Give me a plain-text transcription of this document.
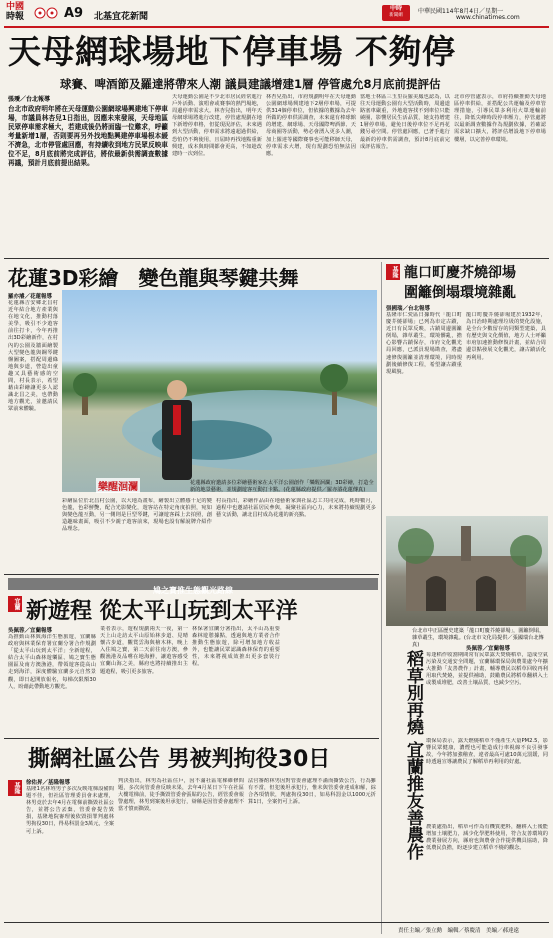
中國
時報	A9 北基宜花新聞
中時
新聞網
中華民國114年8月4日／星期一
www.chinatimes.com
天母網球場地下停車場 不夠停
球賽、啤酒節及羅達將帶來人潮 議員建議增建1層 停管處允8月底前提評估
張璦／台北報導
台北市政府明年將在天母運動公園網球場興建地下停車場，市議員林杏兒1日指出，因應未來發展，天母地區民眾停車需求極大，若建成後仍將面臨一位難求，呼籲考量新增1層，否則要再另外找地點興建停車場根本緩不濟急，北市停管處回應，有持續收到地方民眾反映車位不足，8月底前將完成評估，將依最新供需調查數據再議，預計月底前提出結果。
天母運動公園是不少北市居民經常進行戶外活動、演唱會或賽事的熱門場地，周邊停車需求大。林杏兒指出，明年天母網球場將進行改建，停管處規劃在地下新增停車格，但從現況評估，未來遇到大型活動，停車需求將遠超過供給，恐怕仍不夠使用，且屆時再找地點重新興建，成本與時間都會更高，不如趁改建時一次到位。
林杏兒指出，市府規劃明年在天母運動公園網球場興建地下2層停車場，可提供314個停車位，但依據的數據為去年所做的停車供需調查，未來還有棒球館的增建、網球場、天母國際啤酒節、天母商圈等活動，勢必會湧入更多人潮，加上羅達等國際賽事也可能移師天母，停車需求大增，現有規劃恐怕無法因應。
當地士林區三玉里長羅美鳳也認為，以往天母運動公園有大型活動時，周邊道路塞車嚴重，外地遊客找不到車位只能繞圈，影響居民生活品質，她支持增建1層停車場，避免日後停車位不足再花錢另尋空間。停管處回應，已著手進行最新的停車供需調查，預計8月底前完成評估報告。
北市停管處表示，市府持續推動天母地區停車供給，並搭配公共運輸及停車管理措施，引導民眾多利用大眾運輸前往，降低尖峰時段停車壓力，停管處將以最新調查數據作為規劃依據，若確認需求缺口擴大，將評估增設地下停車場樓層，以完善停車環境。
花蓮3D彩繪　變色龍與琴鍵共舞
羅亦濬／花蓮報導
花蓮縣吉安鄉北昌村近年結合地方產業與在地文化，推動村落美學，吸引不少遊客前往打卡，今年再推出3D彩繪新作，在村內的公園及牆面繪製大型變色龍與鋼琴鍵盤圖案，搭配周邊綠地與步道，營造出童趣又具藝術感的空間，村長表示，希望藉由彩繪讓更多人認識北昌之美，也帶動地方觀光，並邀請民眾前來體驗。
樂醒洄瀾	花蓮縣政府邀請多位彩繪藝術家在太平洋公園創作「樂醒洄瀾」3D彩繪，打造全新的地景藝術，並規劃遊客互動打卡點。(花蓮縣政府提供／羅亦濬花蓮傳真)
彩繪區位於北昌村公園，以大地為畫布，繪製出立體感十足的變色龍，色彩鮮艷，配合光影變化，遊客站在特定角度拍照，宛如與變色龍互動，另一側則是巨型琴鍵，可讓遊客踩上去拍照，創造趣味畫面，吸引不少親子遊客前來，現場也設有解說牌介紹作品理念。
村長指出，彩繪作品由在地藝術家與社區志工共同完成，耗時數月，過程中也邀請社區居民參與，凝聚社區向心力，未來將持續規劃更多藝文活動，讓北昌村成為花蓮的新亮點。
基隆 龍口町慶芥燒卻場
圍籬倒塌環境雜亂
張國瑞／台北報導
基隆市仁愛區日據時代「龍口町慶芥燒卻場」已列為市定古蹟，近日有民眾反映，古蹟周邊圍籬倒塌，雜草叢生，環境髒亂，擔心影響古蹟保存，市府文化觀光局回應，已派員現場勘查，將盡速修復圍籬並清理環境，同時規劃後續修復工程，希望讓古蹟重現風貌。
龍口町慶芥燒卻場建於1932年，為日治時期處理垃圾的焚化設施，是全台少數留存的同類型建築，具有歷史與文化價值，地方人士呼籲市府加速推動修復計畫，並結合周邊景點發展文化觀光，讓古蹟活化再利用。
台北市中正區歷史建築「龍口町慶芥燒卻場」，圍籬倒塌，雜草叢生，環境雜亂。(台北市文化局提供／張國瑞台北傳真)
鳩之寶推生態觀光路線
宜蘭 新遊程 從太平山玩到太平洋
吳佩蓉／宜蘭報導
為推動山林與海洋生態旅遊，宜蘭縣政府與林業保育署宜蘭分署合作規劃「從太平山玩到太平洋」全新遊程，結合太平山森林遊樂區、鳩之寶生態園區及南方澳漁港，帶領遊客從高山走到海洋，深度體驗宜蘭多元自然景觀，即日起開放報名，每梯次限額30人，盼藉此帶動地方觀光。
業者表示，遊程規劃兩天一夜，第一天上山走訪太平山原始林步道、見晴懷古步道，觀賞雲海與檜木林，晚上入住鳩之寶，第二天前往南方澳，參觀漁港及品嚐在地海鮮，讓遊客感受宜蘭山海之美，縣府也將持續推出主題遊程，吸引更多旅客。
林保署宜蘭分署指出，太平山為重要森林遊憩據點，透過與地方業者合作推動生態旅遊，除可增加地方收益外，也能讓民眾認識森林保育的重要性，未來將視成效推出更多套裝行程。
撕網社區公告 男被判拘役30日
基隆	徐佑昇／基隆報導
基隆1名林姓男子多次反映電梯設備問題不佳，但社區管理委員會未處理，林男竟於去年4月在電梯前撕毀社區公告，並將公告丟棄，管委會提告毀損，基隆地院審理後依毀損罪判處林男拘役30日，得易科罰金3萬元，全案可上訴。
判決指出，林男為社區住戶，因不滿社區電梯維修問題，多次向管委會反映未果，去年4月某日下午在社區大樓電梯前，徒手撕毀管委會張貼的公告，經管委會報警處理，林男到案後坦承犯行，辯稱是因管委會處理不當才憤而撕毀。
法官審酌林男因對管委會處理不滿而撕毀公告，行為雖有不當，但犯後坦承犯行，惟未與管委會達成和解，綜合各項情狀，判處拘役30日，如易科罰金以1000元折算1日，全案仍可上訴。
吳佩蓉／宜蘭報導
稻草別再燒 宜蘭推友善農作 每逢稻作收割期間常有民眾露天焚燒稻草，造成空氣污染及交通安全問題，宜蘭縣環保局與農業處今年擴大推動「友善農作」計畫，輔導農民以稻草回收再利用取代焚燒，並提供補助，鼓勵農民將稻草翻耕入土或製成堆肥，改善土壤品質，也減少空污。
環保局表示，露天燃燒稻草不僅產生大量PM2.5，影響民眾健康，濃煙也可能造成行車視線不良引發事故，今年將加強稽查，違者最高可處10萬元罰鍰，同時透過宣導讓農民了解稻草再利用的好處。
農業處指出，稻草可作為有機質肥料，翻耕入土後能增加土壤肥力，減少化學肥料使用，符合友善環境的農業發展方向，縣府也與農會合作提供機具協助，降低農民負擔，盼逐步建立稻草不燒的觀念。
責任主編／張立勳　編輯／蔡慶清　美編／郝達遠
